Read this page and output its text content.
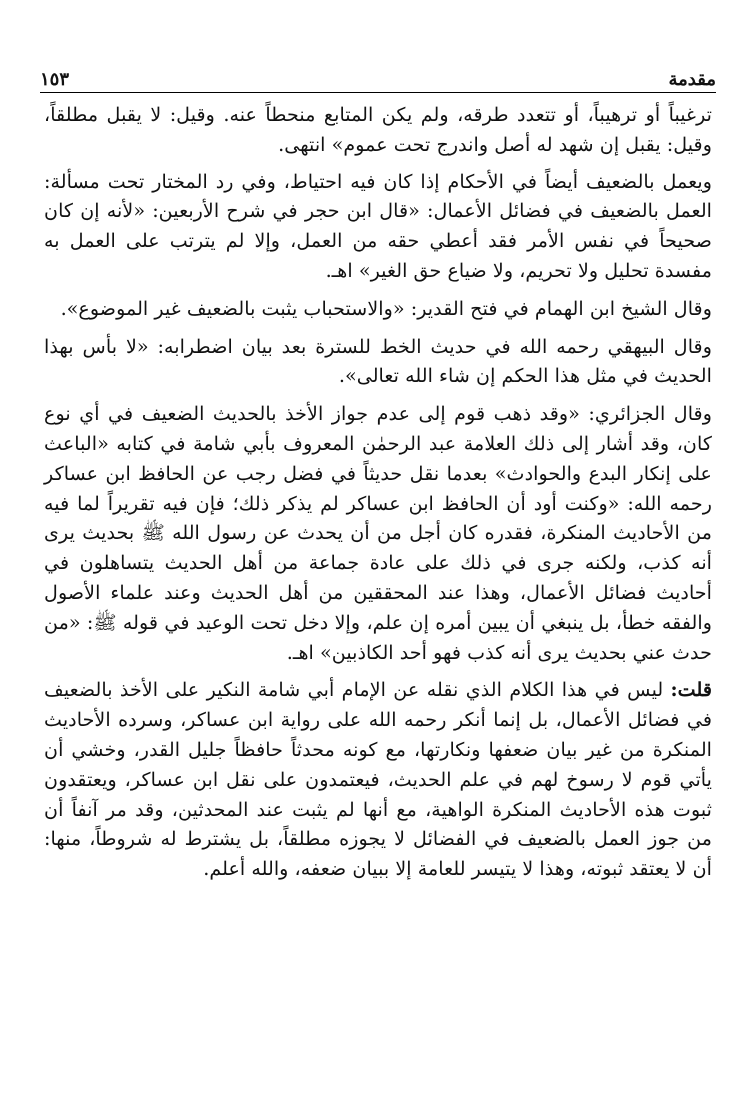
مقدمة
١٥٣

ترغيباً أو ترهيباً، أو تتعدد طرقه، ولم يكن المتابع منحطاً عنه. وقيل: لا يقبل مطلقاً، وقيل: يقبل إن شهد له أصل واندرج تحت عموم» انتهى.

ويعمل بالضعيف أيضاً في الأحكام إذا كان فيه احتياط، وفي رد المختار تحت مسألة: العمل بالضعيف في فضائل الأعمال: «قال ابن حجر في شرح الأربعين: «لأنه إن كان صحيحاً في نفس الأمر فقد أعطي حقه من العمل، وإلا لم يترتب على العمل به مفسدة تحليل ولا تحريم، ولا ضياع حق الغير» اهـ.

وقال الشيخ ابن الهمام في فتح القدير: «والاستحباب يثبت بالضعيف غير الموضوع».

وقال البيهقي رحمه الله في حديث الخط للسترة بعد بيان اضطرابه: «لا بأس بهذا الحديث في مثل هذا الحكم إن شاء الله تعالى».

وقال الجزائري: «وقد ذهب قوم إلى عدم جواز الأخذ بالحديث الضعيف في أي نوع كان، وقد أشار إلى ذلك العلامة عبد الرحمٰن المعروف بأبي شامة في كتابه «الباعث على إنكار البدع والحوادث» بعدما نقل حديثاً في فضل رجب عن الحافظ ابن عساكر رحمه الله: «وكنت أود أن الحافظ ابن عساكر لم يذكر ذلك؛ فإن فيه تقريراً لما فيه من الأحاديث المنكرة، فقدره كان أجل من أن يحدث عن رسول الله ﷺ بحديث يرى أنه كذب، ولكنه جرى في ذلك على عادة جماعة من أهل الحديث يتساهلون في أحاديث فضائل الأعمال، وهذا عند المحققين من أهل الحديث وعند علماء الأصول والفقه خطأ، بل ينبغي أن يبين أمره إن علم، وإلا دخل تحت الوعيد في قوله ﷺ: «من حدث عني بحديث يرى أنه كذب فهو أحد الكاذبين» اهـ.

قلت: ليس في هذا الكلام الذي نقله عن الإمام أبي شامة النكير على الأخذ بالضعيف في فضائل الأعمال، بل إنما أنكر رحمه الله على رواية ابن عساكر، وسرده الأحاديث المنكرة من غير بيان ضعفها ونكارتها، مع كونه محدثاً حافظاً جليل القدر، وخشي أن يأتي قوم لا رسوخ لهم في علم الحديث، فيعتمدون على نقل ابن عساكر، ويعتقدون ثبوت هذه الأحاديث المنكرة الواهية، مع أنها لم يثبت عند المحدثين، وقد مر آنفاً أن من جوز العمل بالضعيف في الفضائل لا يجوزه مطلقاً، بل يشترط له شروطاً، منها: أن لا يعتقد ثبوته، وهذا لا يتيسر للعامة إلا ببيان ضعفه، والله أعلم.
